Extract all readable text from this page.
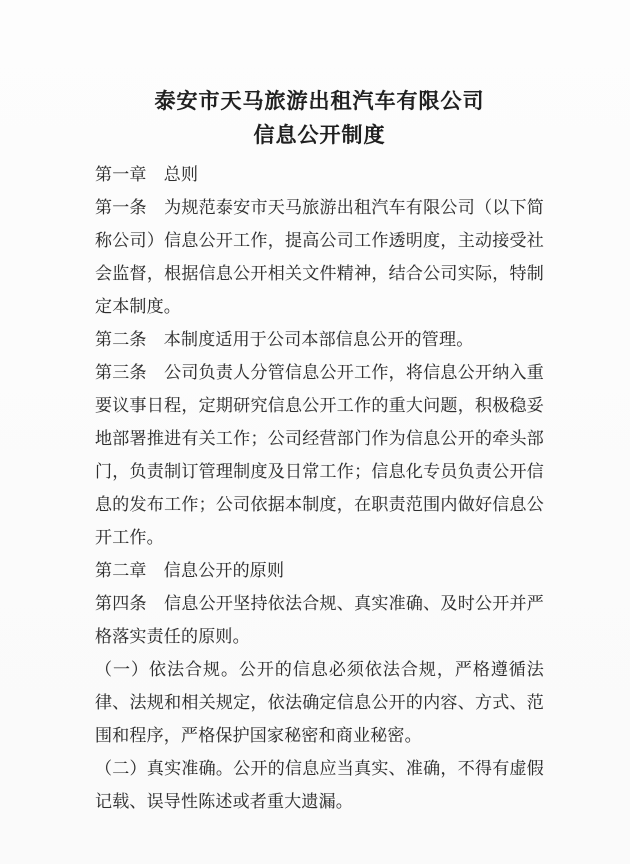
泰安市天马旅游出租汽车有限公司
信息公开制度

第一章　总则

第一条　为规范泰安市天马旅游出租汽车有限公司（以下简称公司）信息公开工作，提高公司工作透明度，主动接受社会监督，根据信息公开相关文件精神，结合公司实际，特制定本制度。

第二条　本制度适用于公司本部信息公开的管理。

第三条　公司负责人分管信息公开工作，将信息公开纳入重要议事日程，定期研究信息公开工作的重大问题，积极稳妥地部署推进有关工作；公司经营部门作为信息公开的牵头部门，负责制订管理制度及日常工作；信息化专员负责公开信息的发布工作；公司依据本制度，在职责范围内做好信息公开工作。

第二章　信息公开的原则

第四条　信息公开坚持依法合规、真实准确、及时公开并严格落实责任的原则。

（一）依法合规。公开的信息必须依法合规，严格遵循法律、法规和相关规定，依法确定信息公开的内容、方式、范围和程序，严格保护国家秘密和商业秘密。

（二）真实准确。公开的信息应当真实、准确，不得有虚假记载、误导性陈述或者重大遗漏。
